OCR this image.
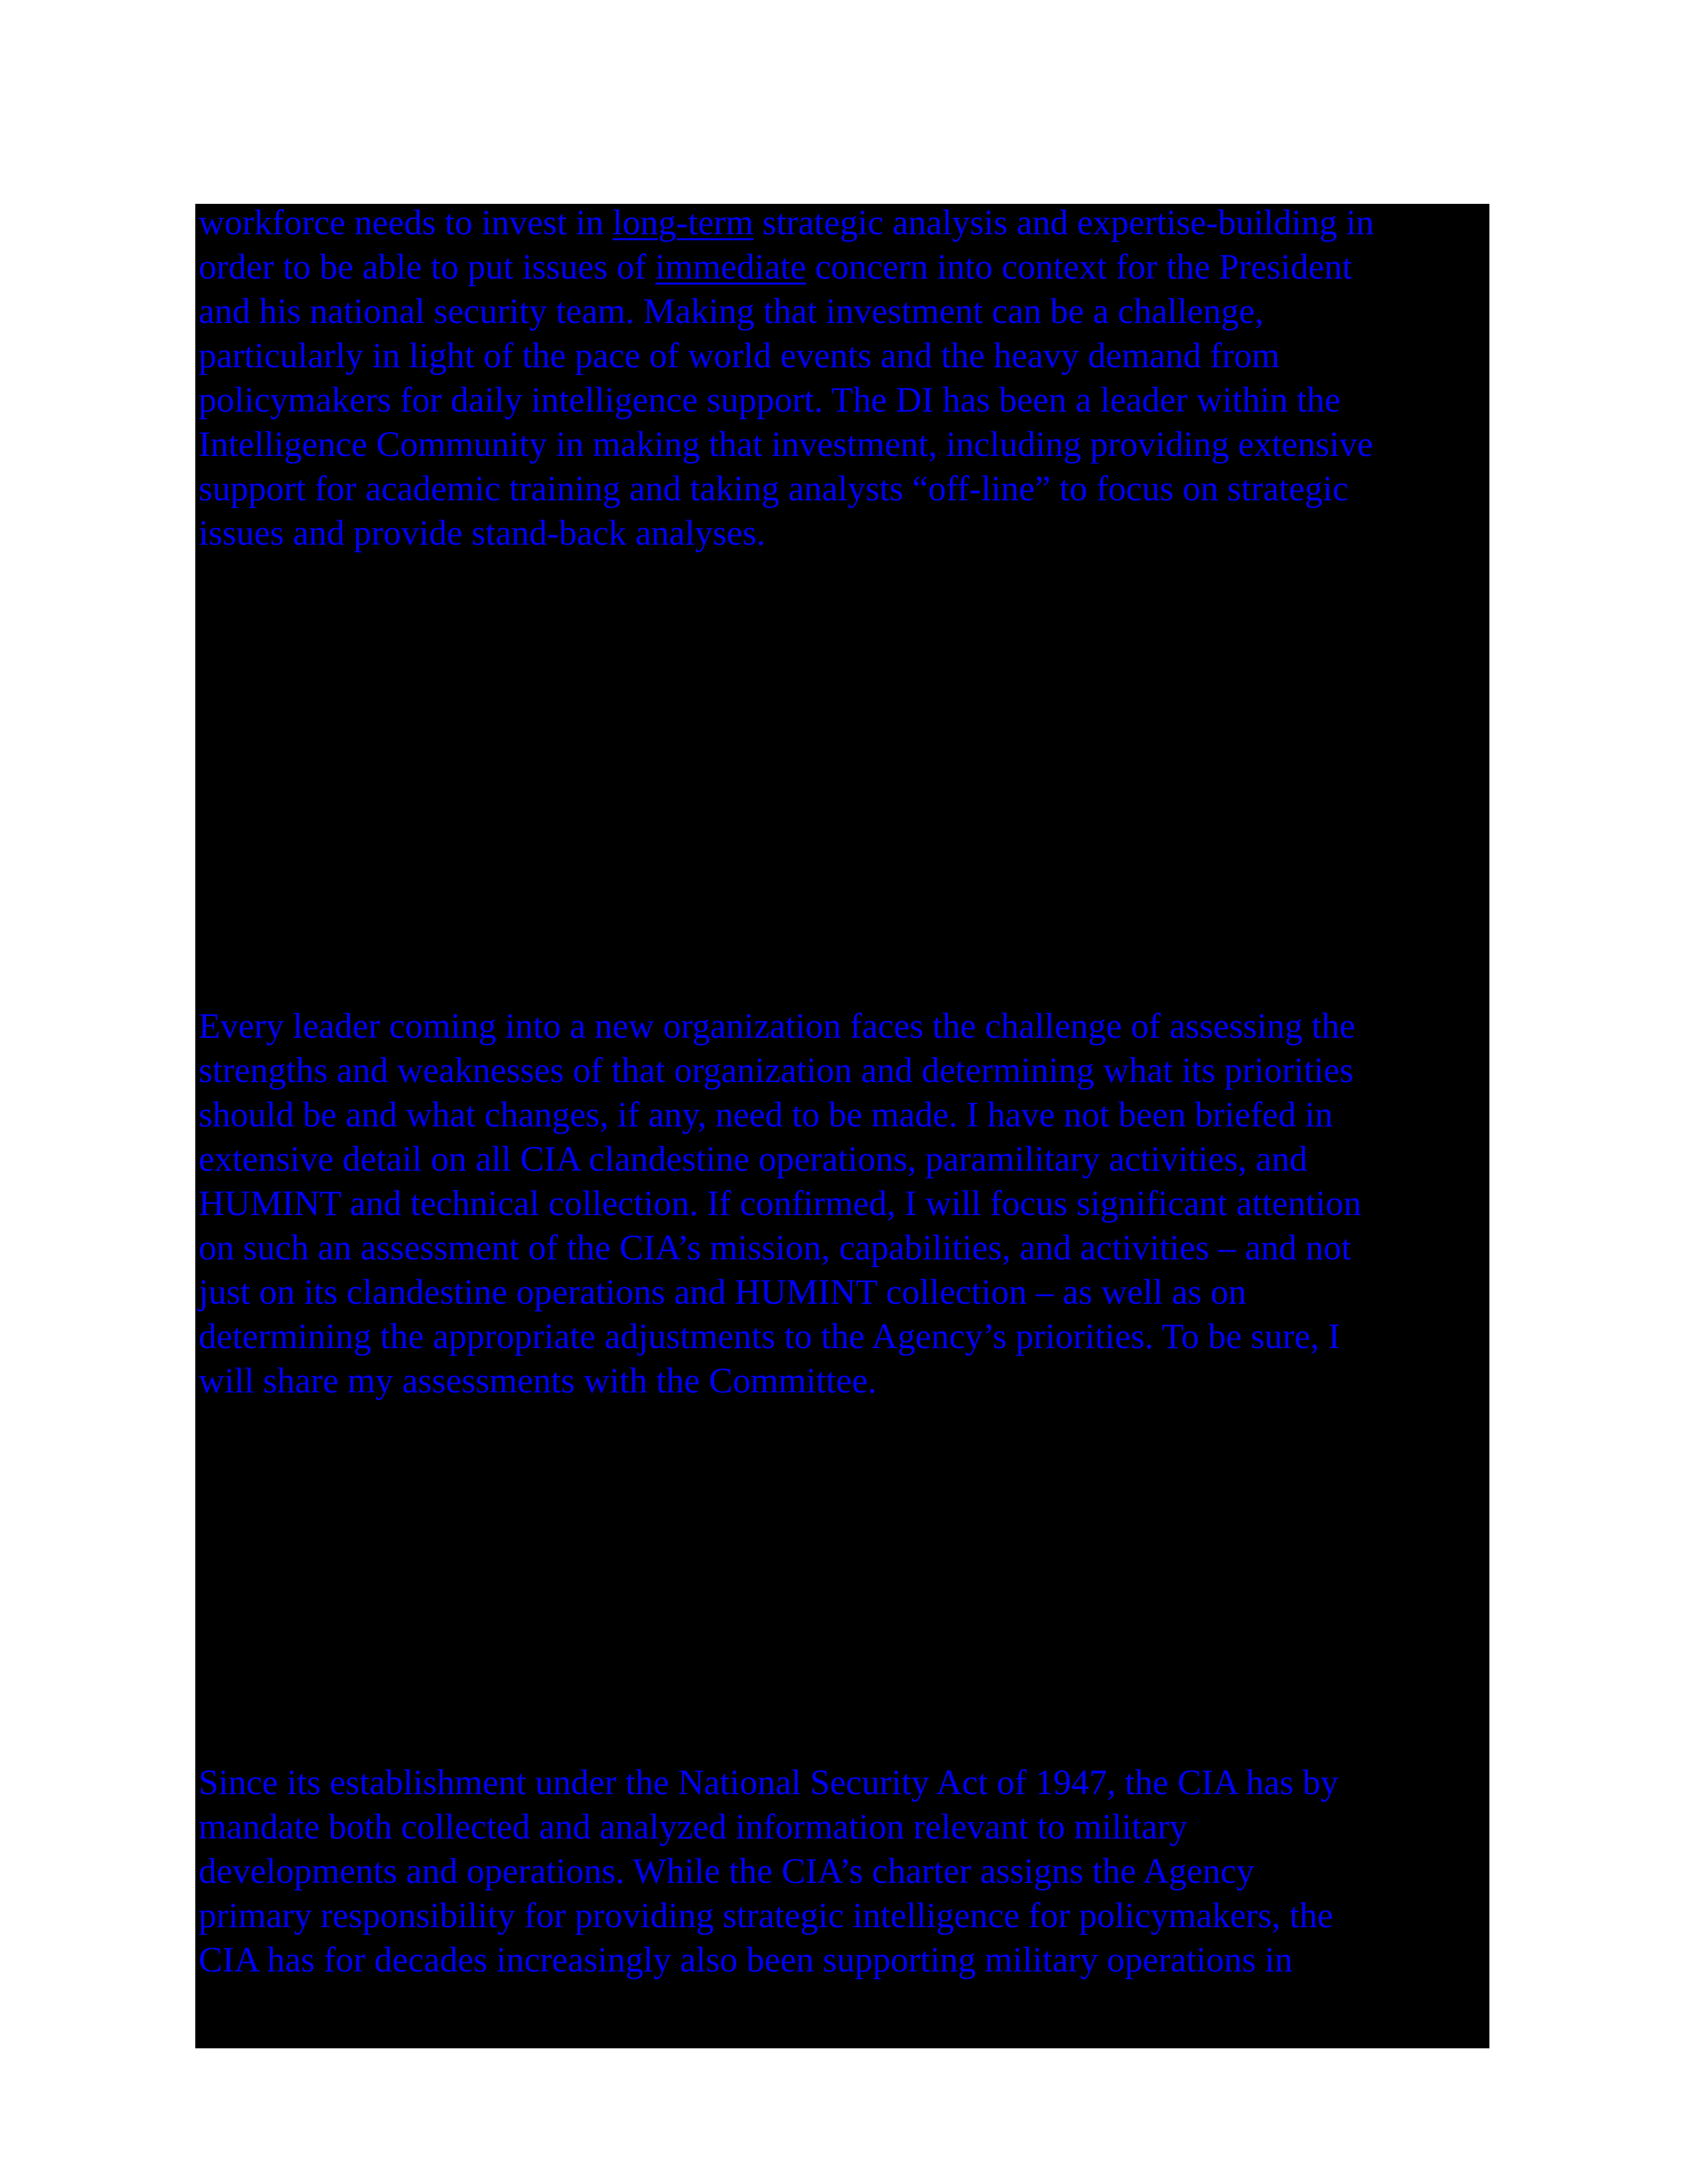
workforce needs to invest in long-term strategic analysis and expertise-building in
order to be able to put issues of immediate concern into context for the President
and his national security team. Making that investment can be a challenge,
particularly in light of the pace of world events and the heavy demand from
policymakers for daily intelligence support. The DI has been a leader within the
Intelligence Community in making that investment, including providing extensive
support for academic training and taking analysts “off-line” to focus on strategic
issues and provide stand-back analyses.
Every leader coming into a new organization faces the challenge of assessing the
strengths and weaknesses of that organization and determining what its priorities
should be and what changes, if any, need to be made. I have not been briefed in
extensive detail on all CIA clandestine operations, paramilitary activities, and
HUMINT and technical collection. If confirmed, I will focus significant attention
on such an assessment of the CIA’s mission, capabilities, and activities – and not
just on its clandestine operations and HUMINT collection – as well as on
determining the appropriate adjustments to the Agency’s priorities. To be sure, I
will share my assessments with the Committee.
Since its establishment under the National Security Act of 1947, the CIA has by
mandate both collected and analyzed information relevant to military
developments and operations. While the CIA’s charter assigns the Agency
primary responsibility for providing strategic intelligence for policymakers, the
CIA has for decades increasingly also been supporting military operations in
